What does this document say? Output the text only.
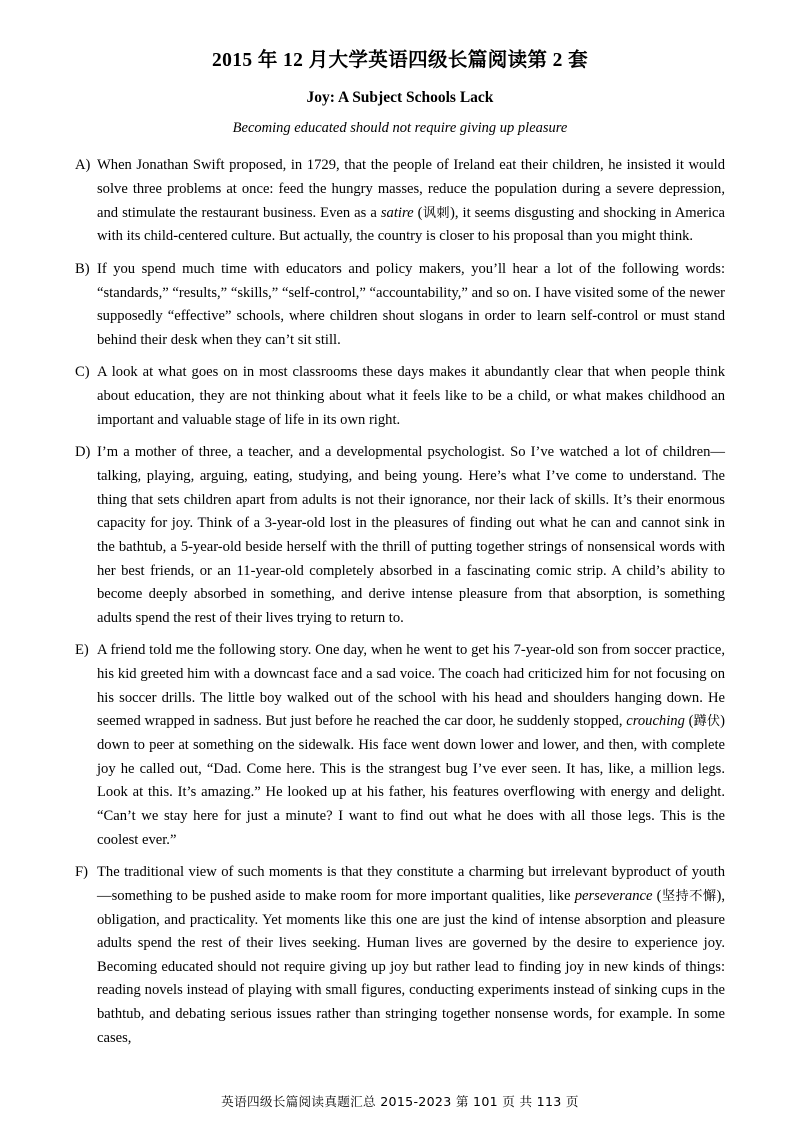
2015 年 12 月大学英语四级长篇阅读第 2 套
Joy: A Subject Schools Lack

Becoming educated should not require giving up pleasure

A) When Jonathan Swift proposed, in 1729, that the people of Ireland eat their children, he insisted it would solve three problems at once: feed the hungry masses, reduce the population during a severe depression, and stimulate the restaurant business. Even as a satire (讽刺), it seems disgusting and shocking in America with its child-centered culture. But actually, the country is closer to his proposal than you might think.
B) If you spend much time with educators and policy makers, you’ll hear a lot of the following words: “standards,” “results,” “skills,” “self-control,” “accountability,” and so on. I have visited some of the newer supposedly “effective” schools, where children shout slogans in order to learn self-control or must stand behind their desk when they can’t sit still.
C) A look at what goes on in most classrooms these days makes it abundantly clear that when people think about education, they are not thinking about what it feels like to be a child, or what makes childhood an important and valuable stage of life in its own right.
D) I’m a mother of three, a teacher, and a developmental psychologist. So I’ve watched a lot of children—talking, playing, arguing, eating, studying, and being young. Here’s what I’ve come to understand. The thing that sets children apart from adults is not their ignorance, nor their lack of skills. It’s their enormous capacity for joy. Think of a 3-year-old lost in the pleasures of finding out what he can and cannot sink in the bathtub, a 5-year-old beside herself with the thrill of putting together strings of nonsensical words with her best friends, or an 11-year-old completely absorbed in a fascinating comic strip. A child’s ability to become deeply absorbed in something, and derive intense pleasure from that absorption, is something adults spend the rest of their lives trying to return to.
E) A friend told me the following story. One day, when he went to get his 7-year-old son from soccer practice, his kid greeted him with a downcast face and a sad voice. The coach had criticized him for not focusing on his soccer drills. The little boy walked out of the school with his head and shoulders hanging down. He seemed wrapped in sadness. But just before he reached the car door, he suddenly stopped, crouching (蹲伏) down to peer at something on the sidewalk. His face went down lower and lower, and then, with complete joy he called out, “Dad. Come here. This is the strangest bug I’ve ever seen. It has, like, a million legs. Look at this. It’s amazing.” He looked up at his father, his features overflowing with energy and delight. “Can’t we stay here for just a minute? I want to find out what he does with all those legs. This is the coolest ever.”
F) The traditional view of such moments is that they constitute a charming but irrelevant byproduct of youth—something to be pushed aside to make room for more important qualities, like perseverance (坚持不懈), obligation, and practicality. Yet moments like this one are just the kind of intense absorption and pleasure adults spend the rest of their lives seeking. Human lives are governed by the desire to experience joy. Becoming educated should not require giving up joy but rather lead to finding joy in new kinds of things: reading novels instead of playing with small figures, conducting experiments instead of sinking cups in the bathtub, and debating serious issues rather than stringing together nonsense words, for example. In some cases,
英语四级长篇阅读真题汇总 2015-2023 第 101 页 共 113 页
